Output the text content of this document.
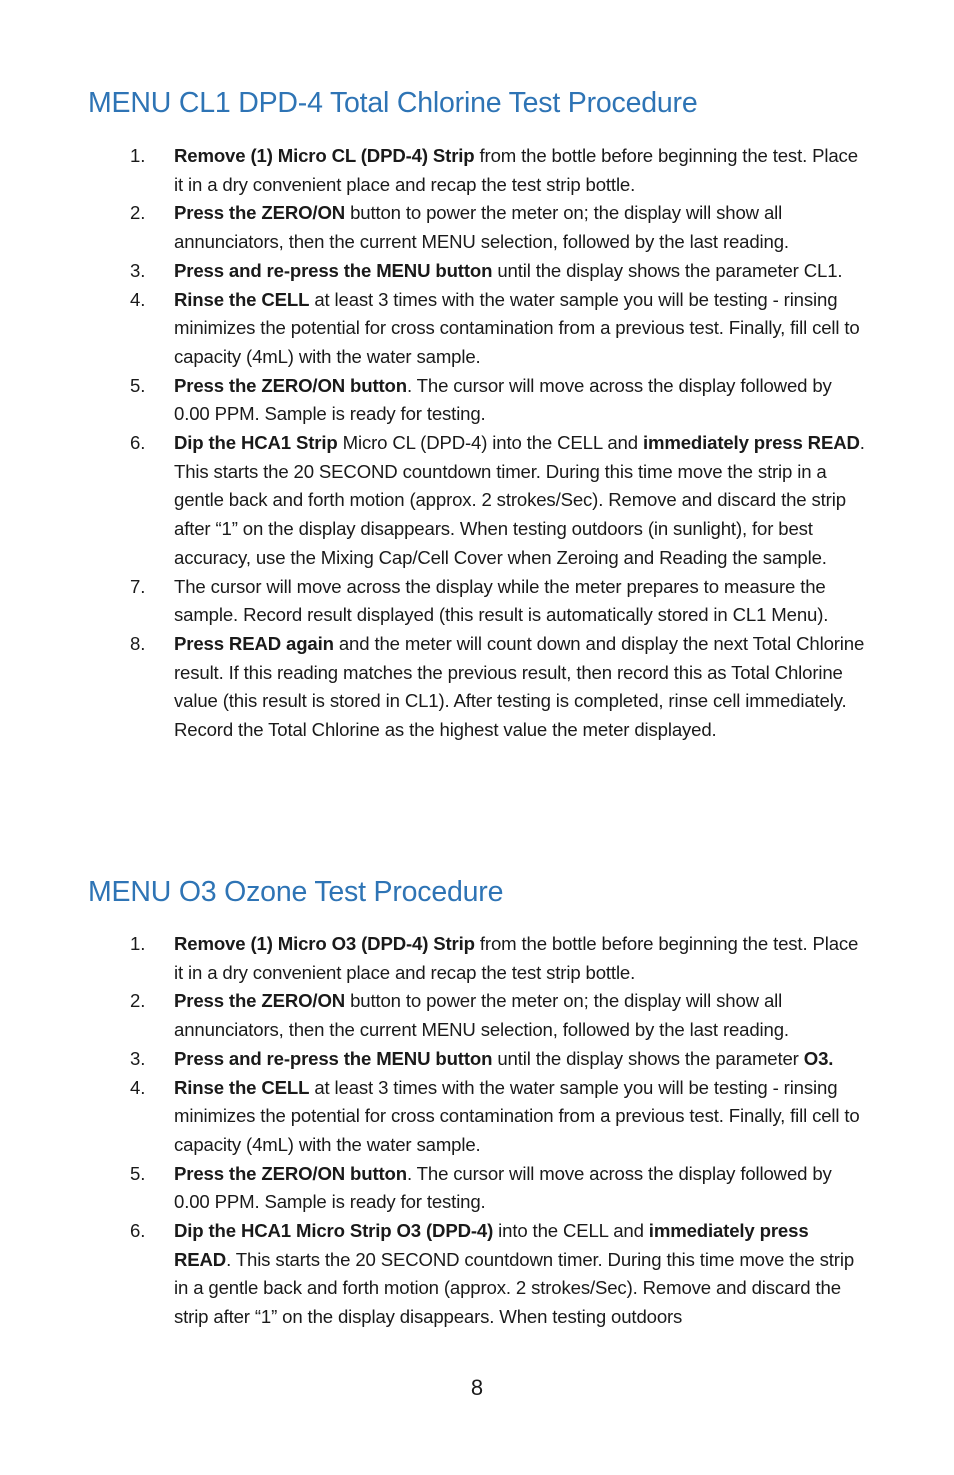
MENU CL1 DPD-4 Total Chlorine Test Procedure
1. Remove (1) Micro CL (DPD-4) Strip from the bottle before beginning the test. Place it in a dry convenient place and recap the test strip bottle.
2. Press the ZERO/ON button to power the meter on; the display will show all annunciators, then the current MENU selection, followed by the last reading.
3. Press and re-press the MENU button until the display shows the parameter CL1.
4. Rinse the CELL at least 3 times with the water sample you will be testing - rinsing minimizes the potential for cross contamination from a previous test. Finally, fill cell to capacity (4mL) with the water sample.
5. Press the ZERO/ON button. The cursor will move across the display followed by 0.00 PPM. Sample is ready for testing.
6. Dip the HCA1 Strip Micro CL (DPD-4) into the CELL and immediately press READ. This starts the 20 SECOND countdown timer. During this time move the strip in a gentle back and forth motion (approx. 2 strokes/Sec). Remove and discard the strip after “1” on the display disappears. When testing outdoors (in sunlight), for best accuracy, use the Mixing Cap/Cell Cover when Zeroing and Reading the sample.
7. The cursor will move across the display while the meter prepares to measure the sample. Record result displayed (this result is automatically stored in CL1 Menu).
8. Press READ again and the meter will count down and display the next Total Chlorine result. If this reading matches the previous result, then record this as Total Chlorine value (this result is stored in CL1). After testing is completed, rinse cell immediately. Record the Total Chlorine as the highest value the meter displayed.
MENU O3 Ozone Test Procedure
1. Remove (1) Micro O3 (DPD-4) Strip from the bottle before beginning the test. Place it in a dry convenient place and recap the test strip bottle.
2. Press the ZERO/ON button to power the meter on; the display will show all annunciators, then the current MENU selection, followed by the last reading.
3. Press and re-press the MENU button until the display shows the parameter O3.
4. Rinse the CELL at least 3 times with the water sample you will be testing - rinsing minimizes the potential for cross contamination from a previous test. Finally, fill cell to capacity (4mL) with the water sample.
5. Press the ZERO/ON button. The cursor will move across the display followed by 0.00 PPM. Sample is ready for testing.
6. Dip the HCA1 Micro Strip O3 (DPD-4) into the CELL and immediately press READ. This starts the 20 SECOND countdown timer. During this time move the strip in a gentle back and forth motion (approx. 2 strokes/Sec). Remove and discard the strip after “1” on the display disappears. When testing outdoors
8
